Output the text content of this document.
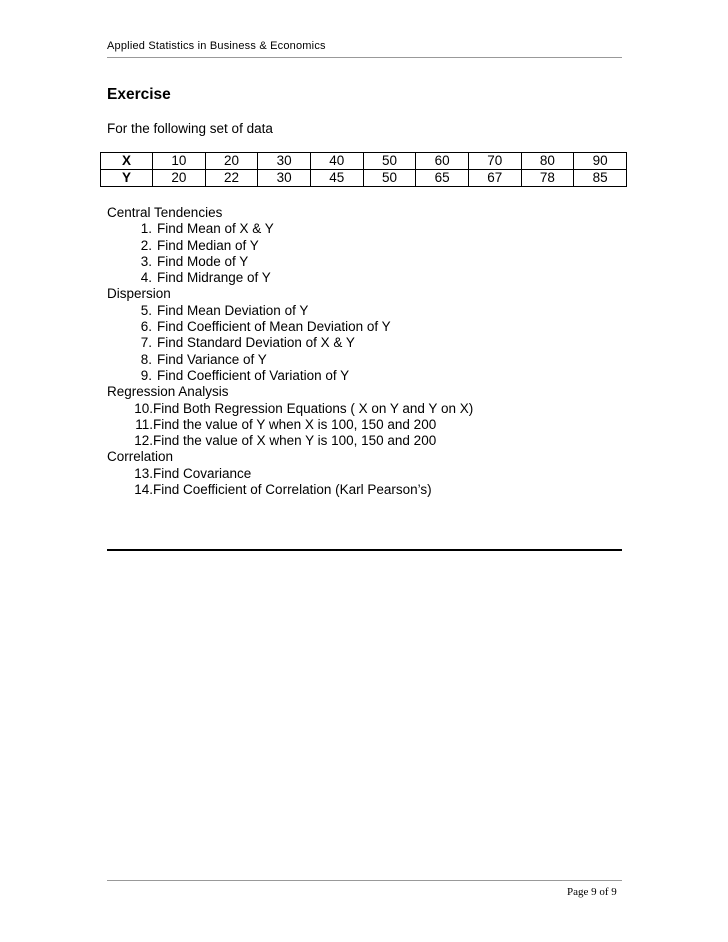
Applied Statistics in Business & Economics
Exercise
For the following set of data
X	10	20	30	40	50	60	70	80	90
Y	20	22	30	45	50	65	67	78	85
Central Tendencies
1. Find Mean of X & Y
2. Find Median of Y
3. Find Mode of Y
4. Find Midrange of Y
Dispersion
5. Find Mean Deviation of Y
6. Find Coefficient of Mean Deviation of Y
7. Find Standard Deviation of X & Y
8. Find Variance of Y
9. Find Coefficient of Variation of Y
Regression Analysis
10.Find Both Regression Equations ( X on Y and Y on X)
11.Find the value of Y when X is 100, 150 and 200
12.Find the value of X when Y is 100, 150 and 200
Correlation
13.Find Covariance
14.Find Coefficient of Correlation (Karl Pearson’s)
Page 9 of 9
